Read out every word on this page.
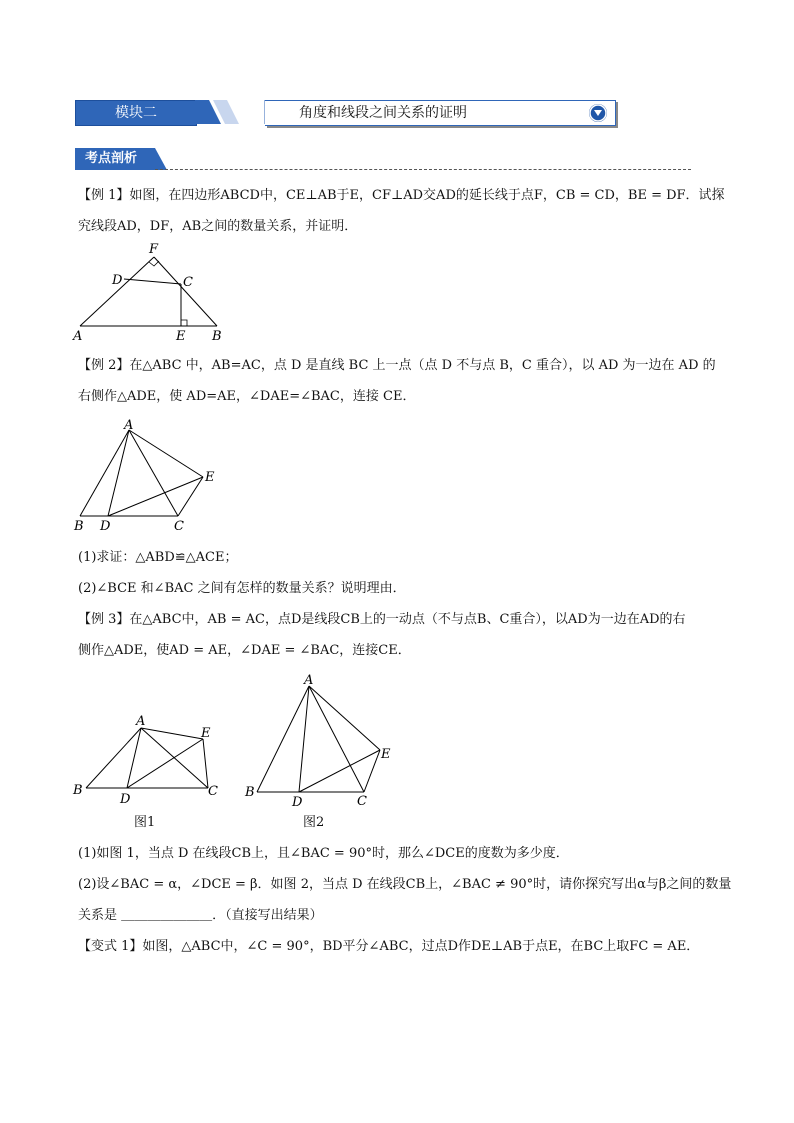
模块二	角度和线段之间关系的证明
考点剖析
【例 1】如图，在四边形ABCD中，CE⊥AB于E，CF⊥AD交AD的延长线于点F，CB = CD，BE = DF．试探
究线段AD，DF，AB之间的数量关系，并证明．
F
D	C
A	E B
【例 2】在△ABC 中，AB=AC，点 D 是直线 BC 上一点（点 D 不与点 B，C 重合），以 AD 为一边在 AD 的
右侧作△ADE，使 AD=AE，∠DAE=∠BAC，连接 CE．
A
E
B D	C
(1)求证：△ABD≌△ACE；
(2)∠BCE 和∠BAC 之间有怎样的数量关系？说明理由．
【例 3】在△ABC中，AB = AC，点D是线段CB上的一动点（不与点B、C重合），以AD为一边在AD的右
侧作△ADE，使AD = AE，∠DAE = ∠BAC，连接CE．
A
E
B
D
C
图1
A
E
B
D	C
图2
(1)如图 1，当点 D 在线段CB上，且∠BAC = 90°时，那么∠DCE的度数为多少度．
(2)设∠BAC = α，∠DCE = β．如图 2，当点 D 在线段CB上，∠BAC ≠ 90°时，请你探究写出α与β之间的数量
关系是 ＿＿＿＿＿＿＿．（直接写出结果）
【变式 1】如图，△ABC中，∠C = 90°，BD平分∠ABC，过点D作DE⊥AB于点E，在BC上取FC = AE．
